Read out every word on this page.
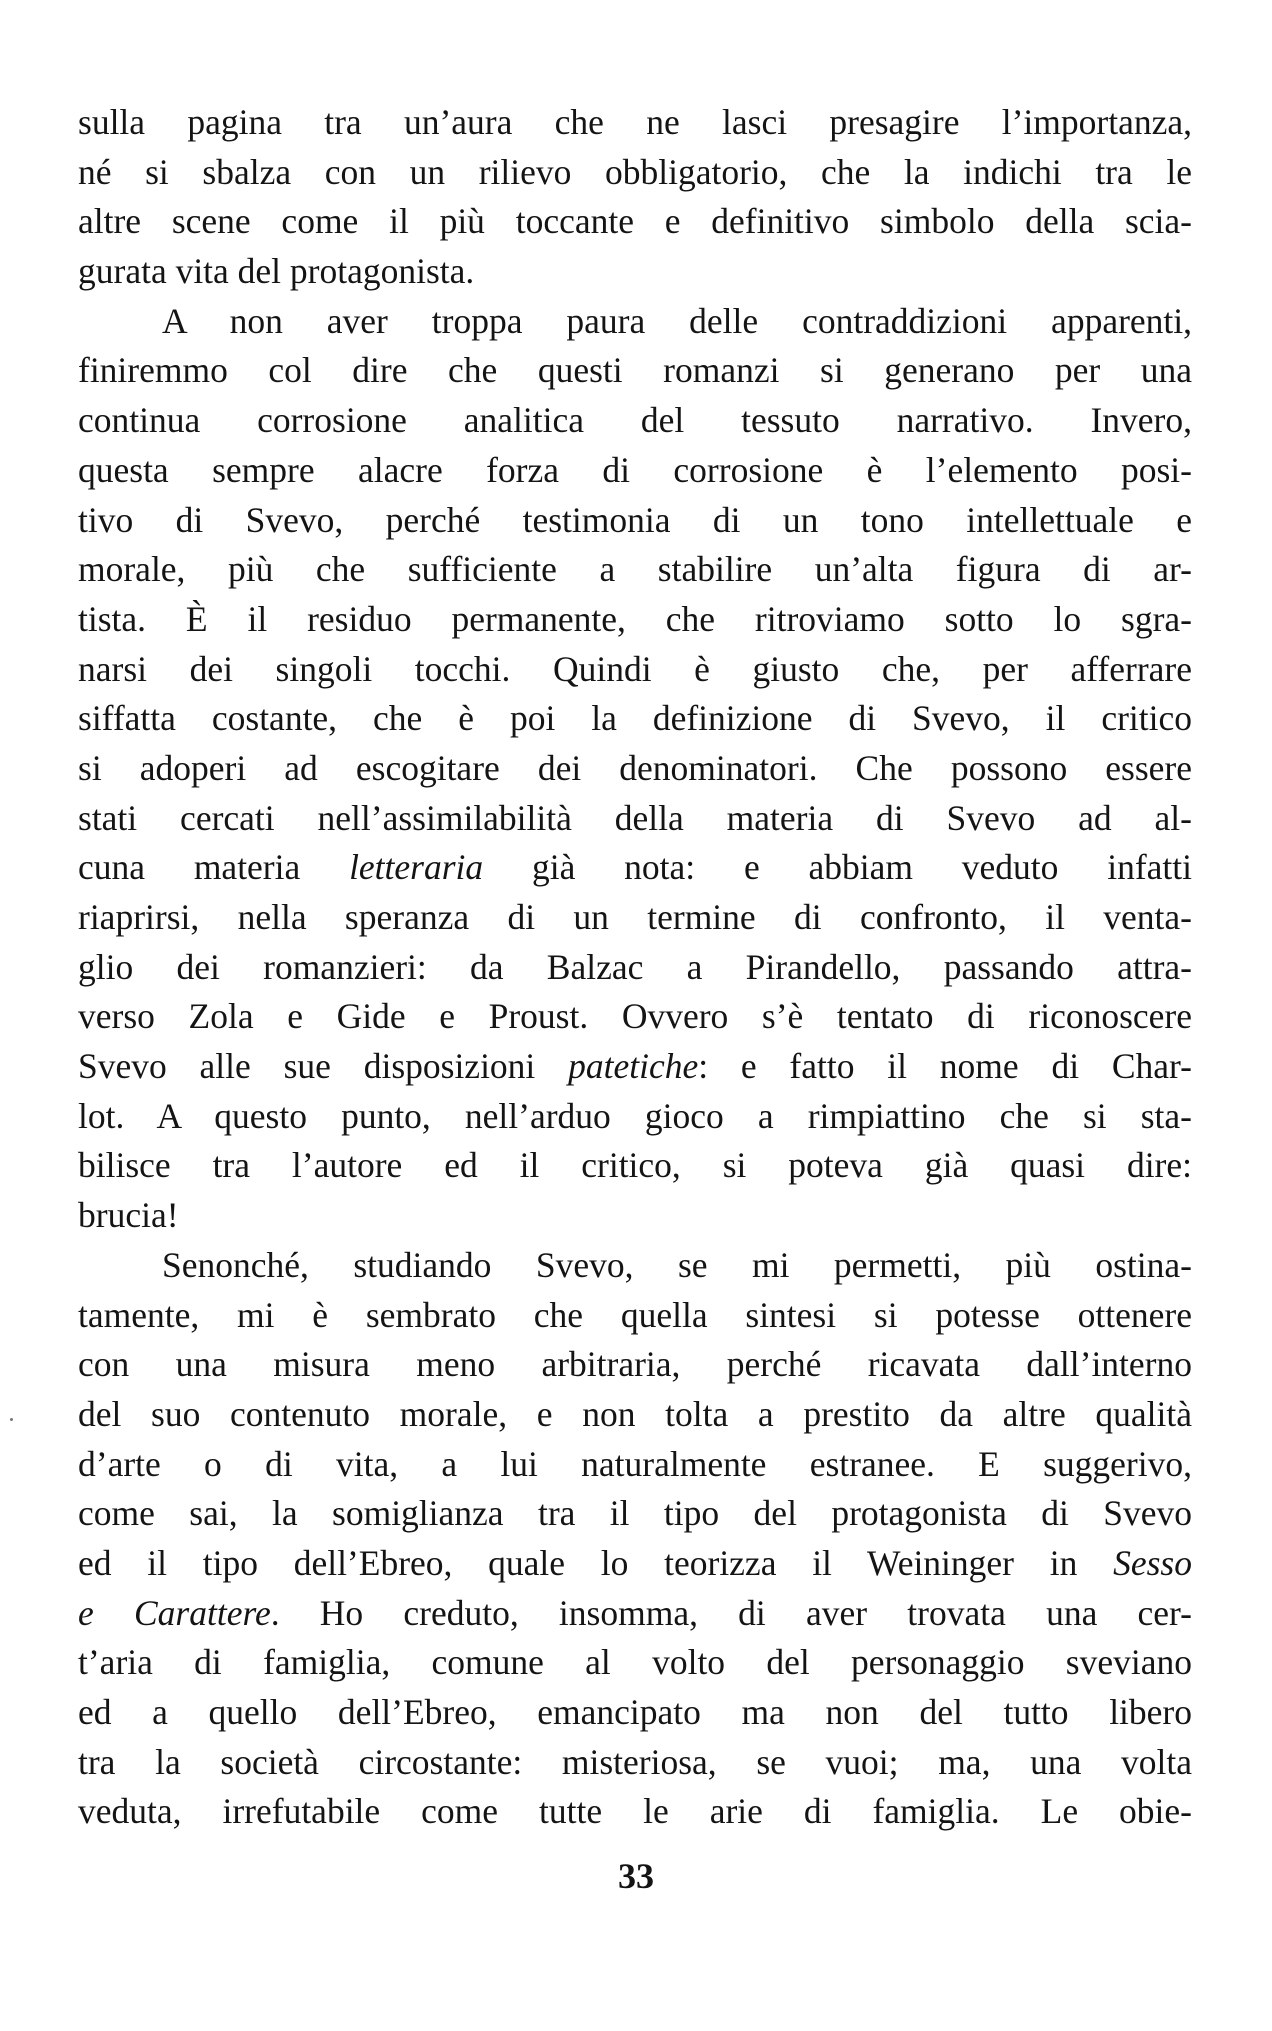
sulla pagina tra un’aura che ne lasci presagire l’importanza,
né si sbalza con un rilievo obbligatorio, che la indichi tra le
altre scene come il più toccante e definitivo simbolo della scia-
gurata vita del protagonista.
A non aver troppa paura delle contraddizioni apparenti,
finiremmo col dire che questi romanzi si generano per una
continua corrosione analitica del tessuto narrativo. Invero,
questa sempre alacre forza di corrosione è l’elemento posi-
tivo di Svevo, perché testimonia di un tono intellettuale e
morale, più che sufficiente a stabilire un’alta figura di ar-
tista. È il residuo permanente, che ritroviamo sotto lo sgra-
narsi dei singoli tocchi. Quindi è giusto che, per afferrare
siffatta costante, che è poi la definizione di Svevo, il critico
si adoperi ad escogitare dei denominatori. Che possono essere
stati cercati nell’assimilabilità della materia di Svevo ad al-
cuna materia letteraria già nota: e abbiam veduto infatti
riaprirsi, nella speranza di un termine di confronto, il venta-
glio dei romanzieri: da Balzac a Pirandello, passando attra-
verso Zola e Gide e Proust. Ovvero s’è tentato di riconoscere
Svevo alle sue disposizioni patetiche: e fatto il nome di Char-
lot. A questo punto, nell’arduo gioco a rimpiattino che si sta-
bilisce tra l’autore ed il critico, si poteva già quasi dire:
brucia!
Senonché, studiando Svevo, se mi permetti, più ostina-
tamente, mi è sembrato che quella sintesi si potesse ottenere
con una misura meno arbitraria, perché ricavata dall’interno
del suo contenuto morale, e non tolta a prestito da altre qualità
d’arte o di vita, a lui naturalmente estranee. E suggerivo,
come sai, la somiglianza tra il tipo del protagonista di Svevo
ed il tipo dell’Ebreo, quale lo teorizza il Weininger in Sesso
e Carattere. Ho creduto, insomma, di aver trovata una cer-
t’aria di famiglia, comune al volto del personaggio sveviano
ed a quello dell’Ebreo, emancipato ma non del tutto libero
tra la società circostante: misteriosa, se vuoi; ma, una volta
veduta, irrefutabile come tutte le arie di famiglia. Le obie-
33
